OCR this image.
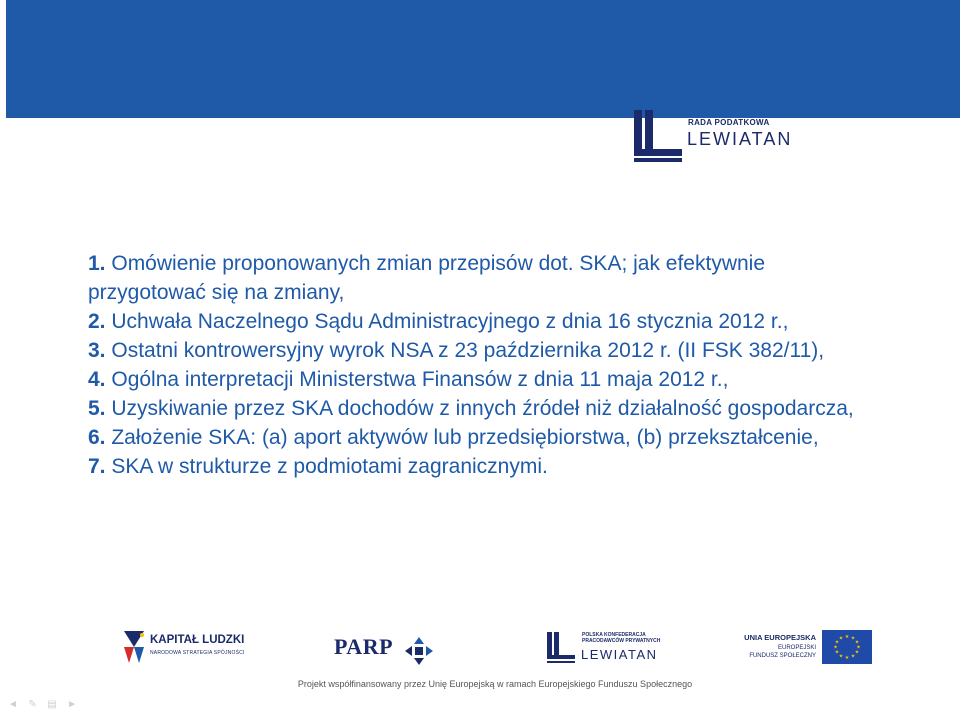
RADA PODATKOWA
LEWIATAN
1. Omówienie proponowanych zmian przepisów dot. SKA; jak efektywnie przygotować się na zmiany,
2. Uchwała Naczelnego Sądu Administracyjnego z dnia 16 stycznia 2012 r.,
3. Ostatni kontrowersyjny wyrok NSA z 23 października 2012 r. (II FSK 382/11),
4. Ogólna interpretacji Ministerstwa Finansów z dnia 11 maja 2012 r.,
5. Uzyskiwanie przez SKA dochodów z innych źródeł niż działalność gospodarcza,
6. Założenie SKA: (a) aport aktywów lub przedsiębiorstwa, (b) przekształcenie,
7. SKA w strukturze z podmiotami zagranicznymi.
KAPITAŁ LUDZKI
NARODOWA STRATEGIA SPÓJNOŚCI	PARP	POLSKA KONFEDERACJA PRACODAWCÓW PRYWATNYCH
LEWIATAN
UNIA EUROPEJSKA
EUROPEJSKI
FUNDUSZ SPOŁECZNY
★ ★
★
★
★
★
★
★
★
★
★
★
Projekt współfinansowany przez Unię Europejską w ramach Europejskiego Funduszu Społecznego
◄ ✎ ▤ ►
